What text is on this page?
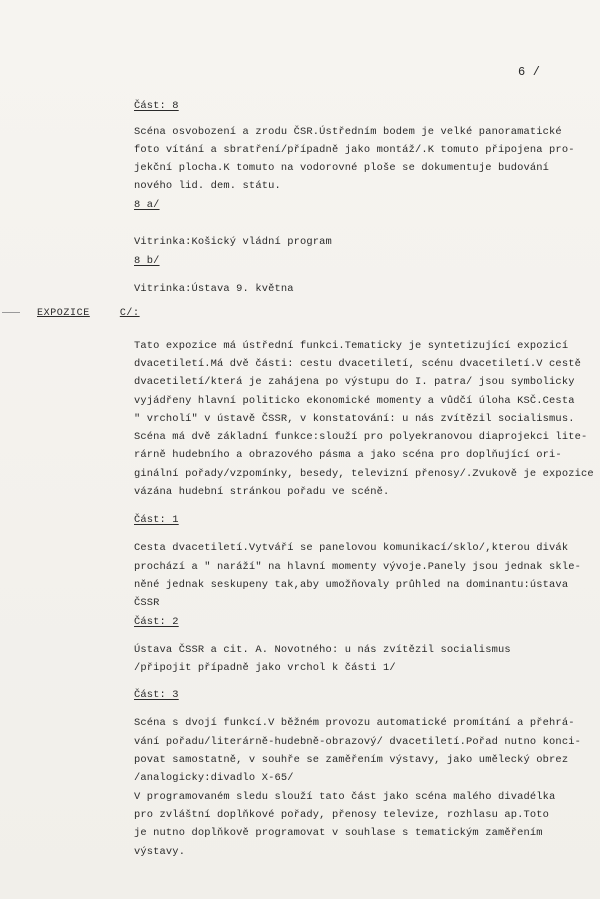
6 /
EXPOZICE	C/:
Část: 8
Scéna osvobození a zrodu ČSR.Ústředním bodem je velké panoramatické
foto vítání a sbratření/případně jako montáž/.K tomuto připojena pro-
jekční plocha.K tomuto na vodorovné ploše se dokumentuje budování
nového lid. dem. státu.
8 a/
Vitrinka:Košický vládní program
8 b/
Vitrinka:Ústava 9. května
Tato expozice má ústřední funkci.Tematicky je syntetizující expozicí
dvacetiletí.Má dvě části: cestu dvacetiletí, scénu dvacetiletí.V cestě
dvacetiletí/která je zahájena po výstupu do I. patra/ jsou symbolicky
vyjádřeny hlavní politicko ekonomické momenty a vůdčí úloha KSČ.Cesta
" vrcholí" v ústavě ČSSR, v konstatování: u nás zvítězil socialismus.
Scéna má dvě základní funkce:slouží pro polyekranovou diaprojekci lite-
rárně hudebního a obrazového pásma a jako scéna pro doplňující ori-
ginální pořady/vzpomínky, besedy, televizní přenosy/.Zvukově je expozice
vázána hudební stránkou pořadu ve scéně.
Část: 1
Cesta dvacetiletí.Vytváří se panelovou komunikací/sklo/,kterou divák
prochází a " naráží" na hlavní momenty vývoje.Panely jsou jednak skle-
něné jednak seskupeny tak,aby umožňovaly průhled na dominantu:ústava
ČSSR
Část: 2
Ústava ČSSR a cit. A. Novotného: u nás zvítězil socialismus
/připojit případně jako vrchol k části 1/
Část: 3
Scéna s dvojí funkcí.V běžném provozu automatické promítání a přehrá-
vání pořadu/literárně-hudebně-obrazový/ dvacetiletí.Pořad nutno konci-
povat samostatně, v souhře se zaměřením výstavy, jako umělecký obrez
/analogicky:divadlo X-65/
V programovaném sledu slouží tato část jako scéna malého divadélka
pro zvláštní doplňkové pořady, přenosy televize, rozhlasu ap.Toto
je nutno doplňkově programovat v souhlase s tematickým zaměřením
výstavy.
